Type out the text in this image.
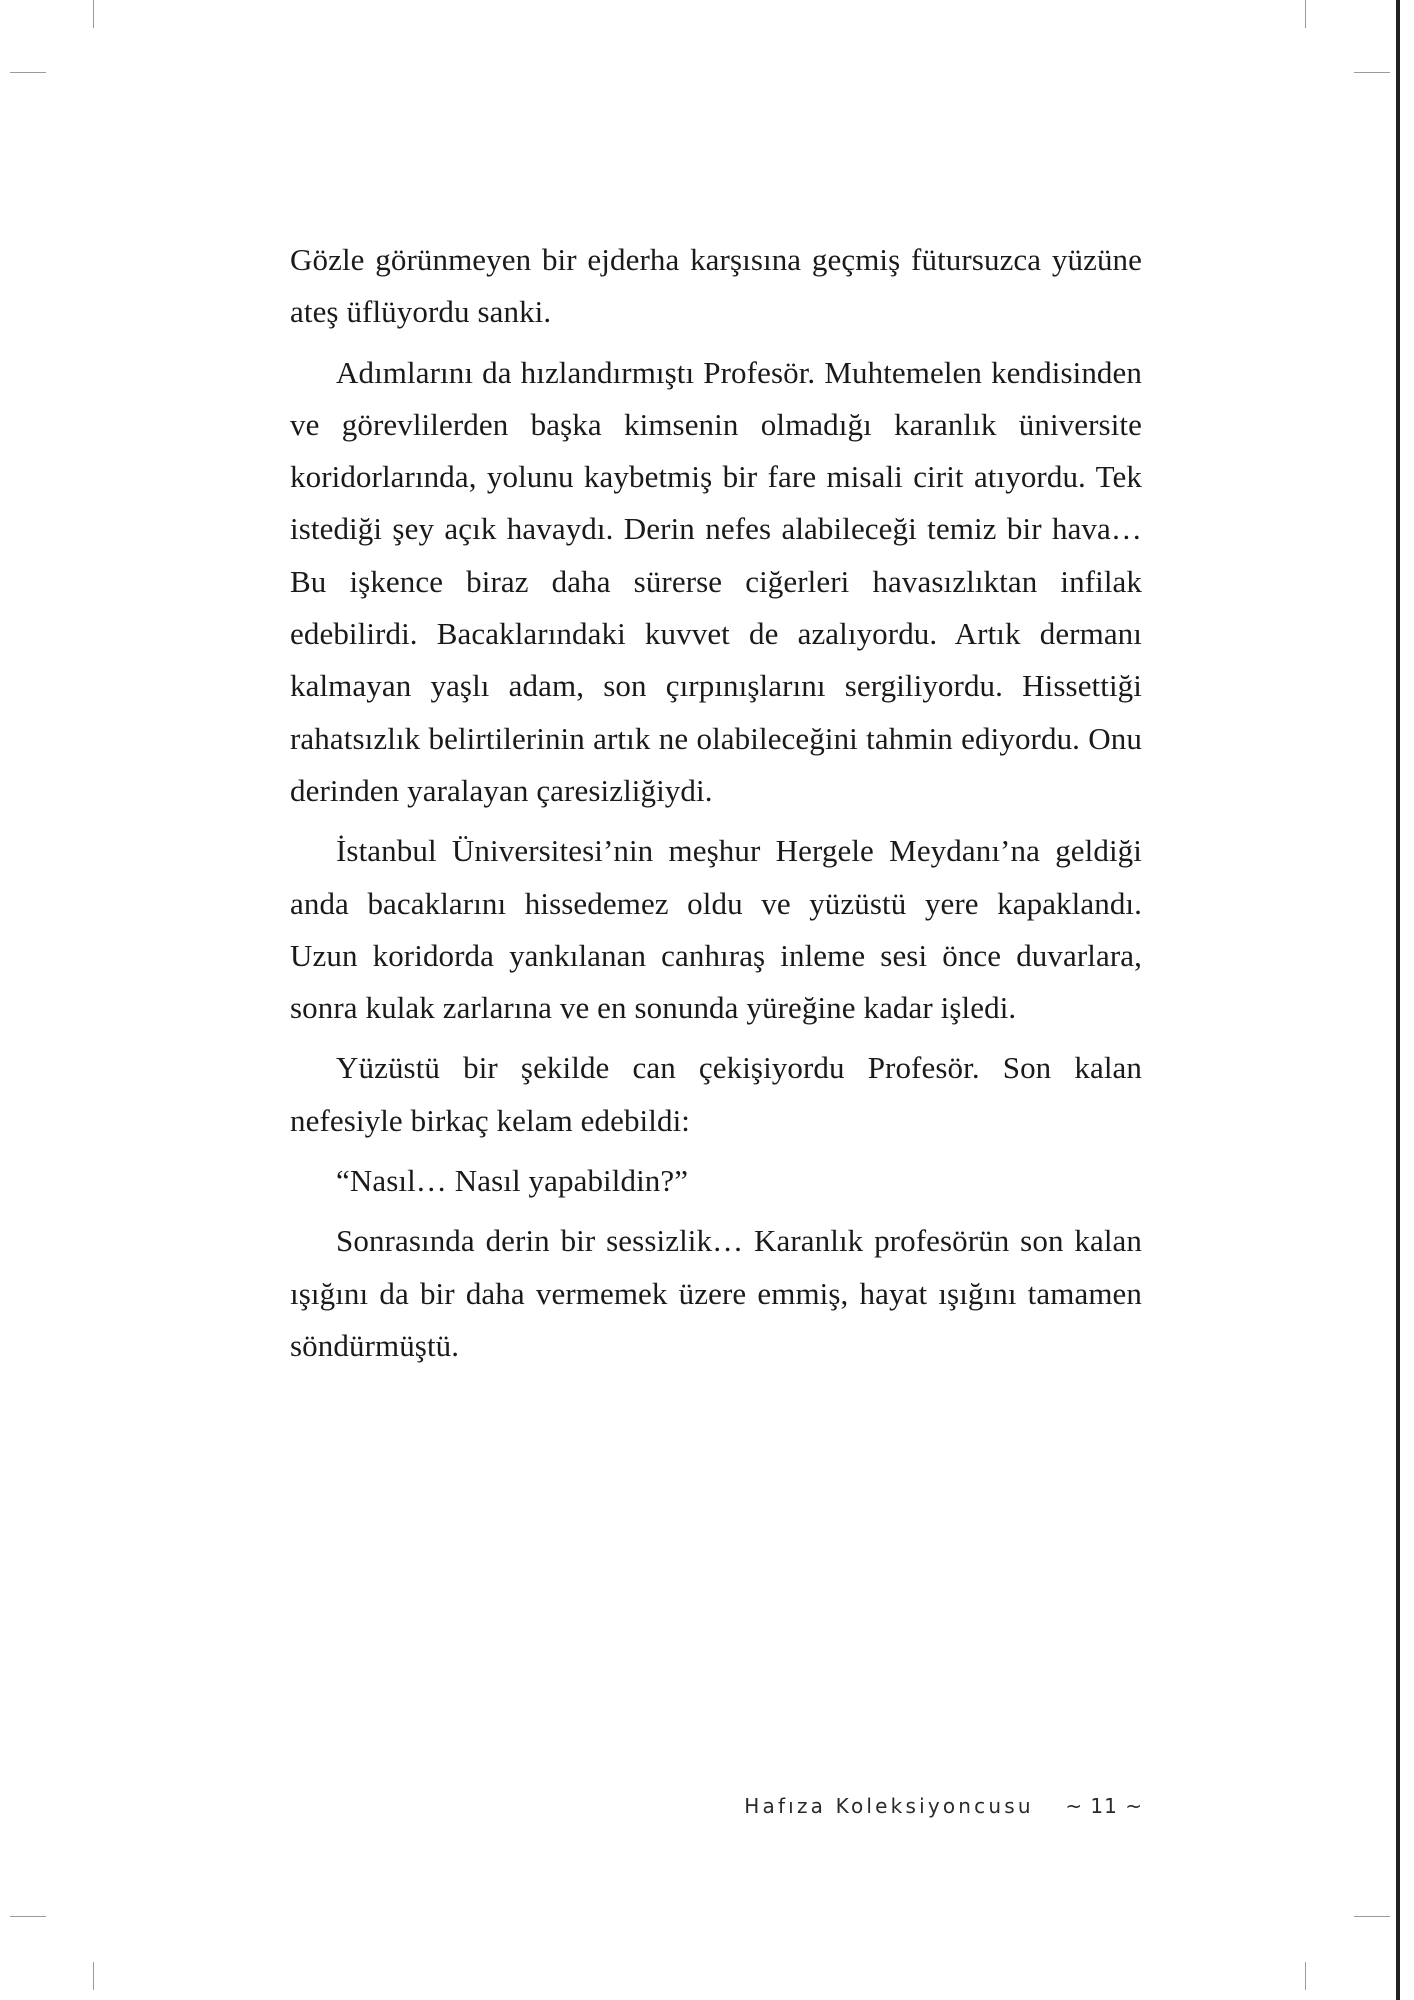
Gözle görünmeyen bir ejderha karşısına geçmiş fütursuzca yüzüne ateş üflüyordu sanki.

Adımlarını da hızlandırmıştı Profesör. Muhtemelen kendisinden ve görevlilerden başka kimsenin olmadığı karanlık üniversite koridorlarında, yolunu kaybetmiş bir fare misali cirit atıyordu. Tek istediği şey açık havaydı. Derin nefes alabileceği temiz bir hava… Bu işkence biraz daha sürerse ciğerleri havasızlıktan infilak edebilirdi. Bacaklarındaki kuvvet de azalıyordu. Artık dermanı kalmayan yaşlı adam, son çırpınışlarını sergiliyordu. Hissettiği rahatsızlık belirtilerinin artık ne olabileceğini tahmin ediyordu. Onu derinden yaralayan çaresizliğiydi.

İstanbul Üniversitesi’nin meşhur Hergele Meydanı’na geldiği anda bacaklarını hissedemez oldu ve yüzüstü yere kapaklandı. Uzun koridorda yankılanan canhıraş inleme sesi önce duvarlara, sonra kulak zarlarına ve en sonunda yüreğine kadar işledi.

Yüzüstü bir şekilde can çekişiyordu Profesör. Son kalan nefesiyle birkaç kelam edebildi:

“Nasıl… Nasıl yapabildin?”

Sonrasında derin bir sessizlik… Karanlık profesörün son kalan ışığını da bir daha vermemek üzere emmiş, hayat ışığını tamamen söndürmüştü.

Hafıza Koleksiyoncusu ~ 11 ~
